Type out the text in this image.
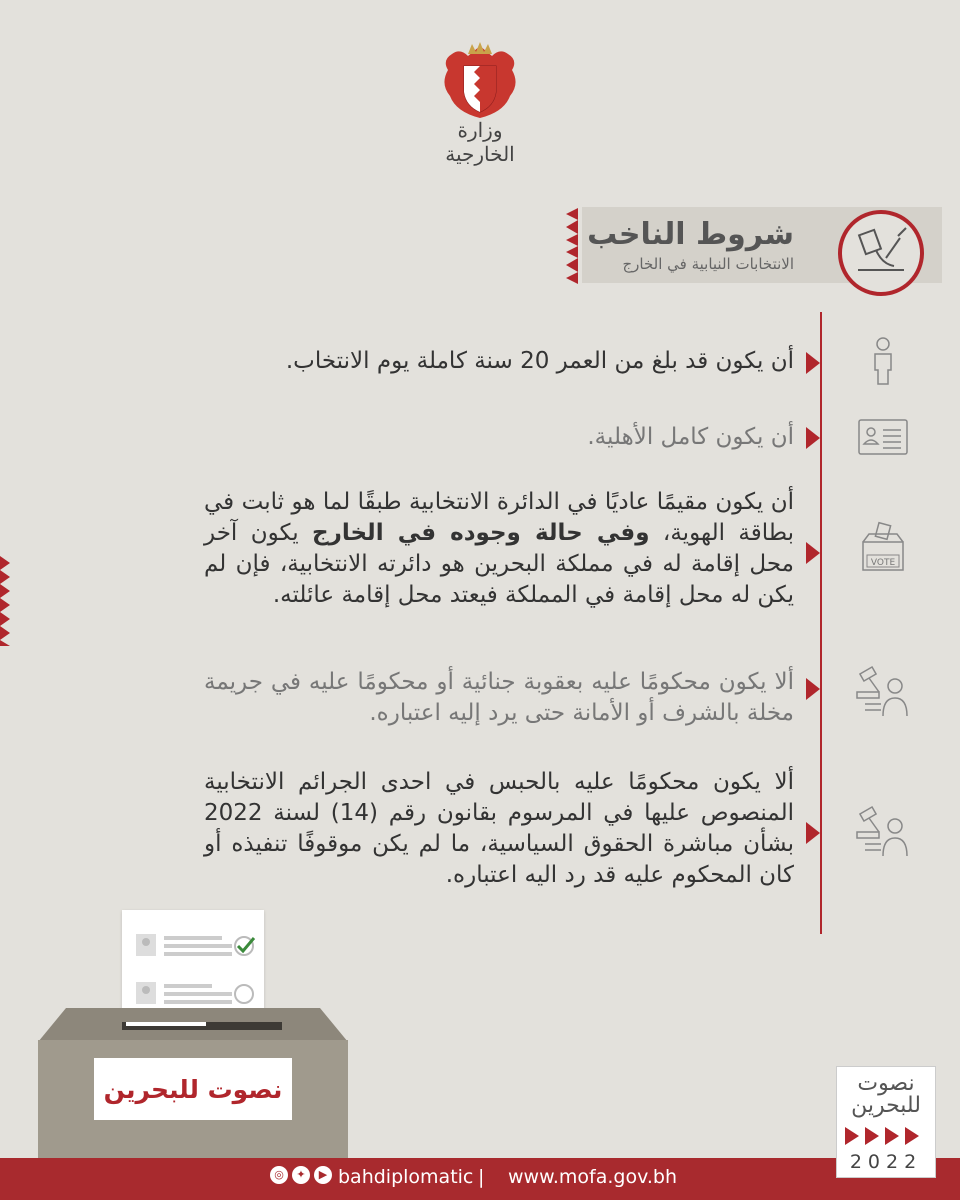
وزارة الخارجية
شروط الناخب
الانتخابات النيابية في الخارج
أن يكون قد بلغ من العمر 20 سنة كاملة يوم الانتخاب.
أن يكون كامل الأهلية.
أن يكون مقيمًا عاديًا في الدائرة الانتخابية طبقًا لما هو ثابت في بطاقة الهوية، وفي حالة وجوده في الخارج يكون آخر محل إقامة له في مملكة البحرين هو دائرته الانتخابية، فإن لم يكن له محل إقامة في المملكة فيعتد محل إقامة عائلته.
VOTE
ألا يكون محكومًا عليه بعقوبة جنائية أو محكومًا عليه في جريمة مخلة بالشرف أو الأمانة حتى يرد إليه اعتباره.
ألا يكون محكومًا عليه بالحبس في احدى الجرائم الانتخابية المنصوص عليها في المرسوم بقانون رقم (14) لسنة 2022 بشأن مباشرة الحقوق السياسية، ما لم يكن موقوفًا تنفيذه أو كان المحكوم عليه قد رد اليه اعتباره.
نصوت للبحرين
◎	✦	▶ bahdiplomatic | www.mofa.gov.bh
نصوت
للبحرين
2022
